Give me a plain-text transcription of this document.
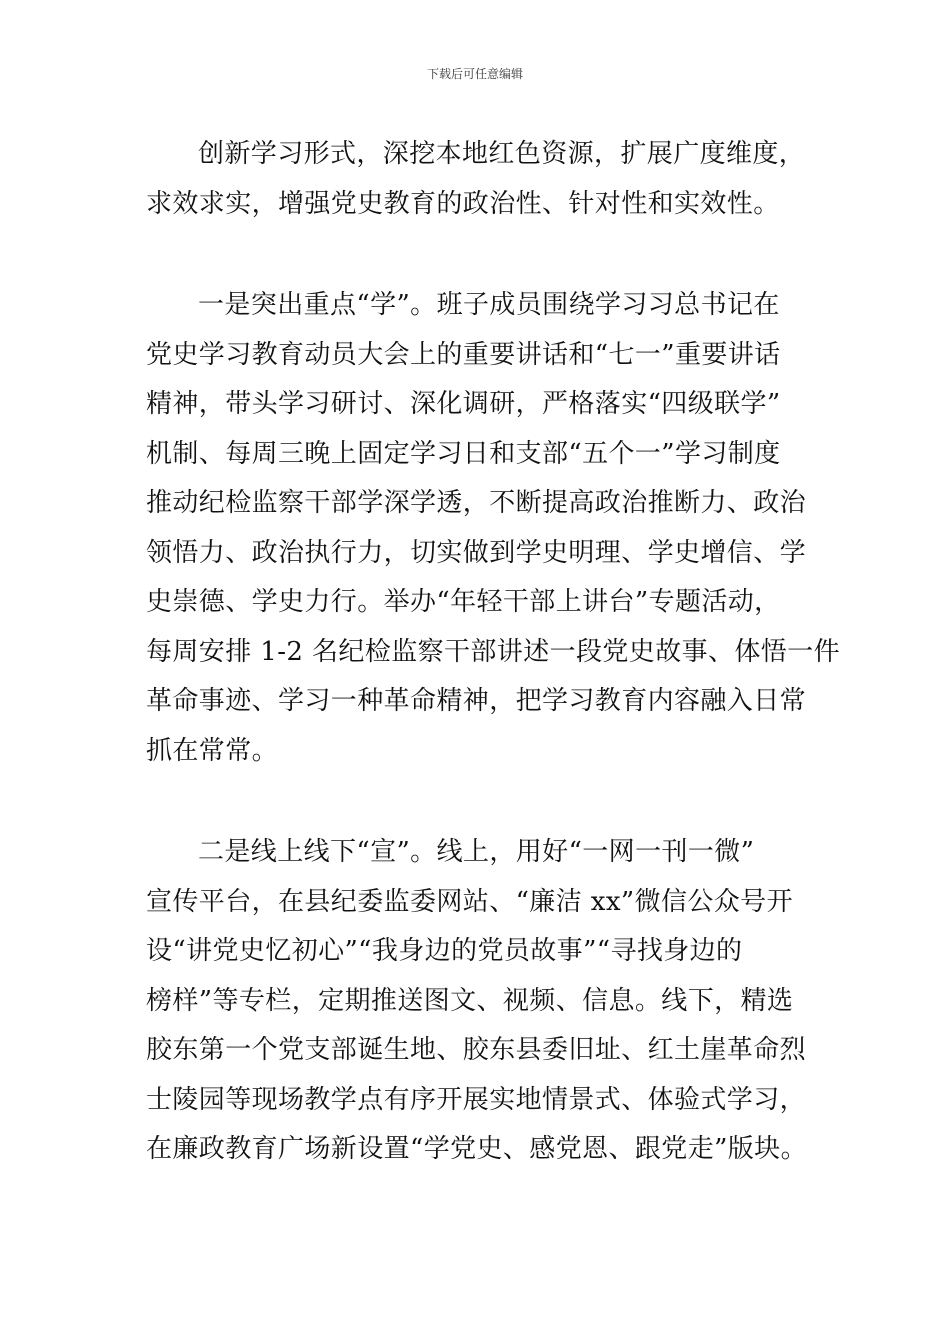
下载后可任意编辑

创新学习形式，深挖本地红色资源，扩展广度维度，
求效求实，增强党史教育的政治性、针对性和实效性。

一是突出重点“学”。班子成员围绕学习习总书记在
党史学习教育动员大会上的重要讲话和“七一”重要讲话
精神，带头学习研讨、深化调研，严格落实“四级联学”
机制、每周三晚上固定学习日和支部“五个一”学习制度
推动纪检监察干部学深学透，不断提高政治推断力、政治
领悟力、政治执行力，切实做到学史明理、学史增信、学
史崇德、学史力行。举办“年轻干部上讲台”专题活动，
每周安排 1-2 名纪检监察干部讲述一段党史故事、体悟一件
革命事迹、学习一种革命精神，把学习教育内容融入日常
抓在常常。

二是线上线下“宣”。线上，用好“一网一刊一微”
宣传平台，在县纪委监委网站、“廉洁 xx”微信公众号开
设“讲党史忆初心”“我身边的党员故事”“寻找身边的
榜样”等专栏，定期推送图文、视频、信息。线下，精选
胶东第一个党支部诞生地、胶东县委旧址、红土崖革命烈
士陵园等现场教学点有序开展实地情景式、体验式学习，
在廉政教育广场新设置“学党史、感党恩、跟党走”版块。
